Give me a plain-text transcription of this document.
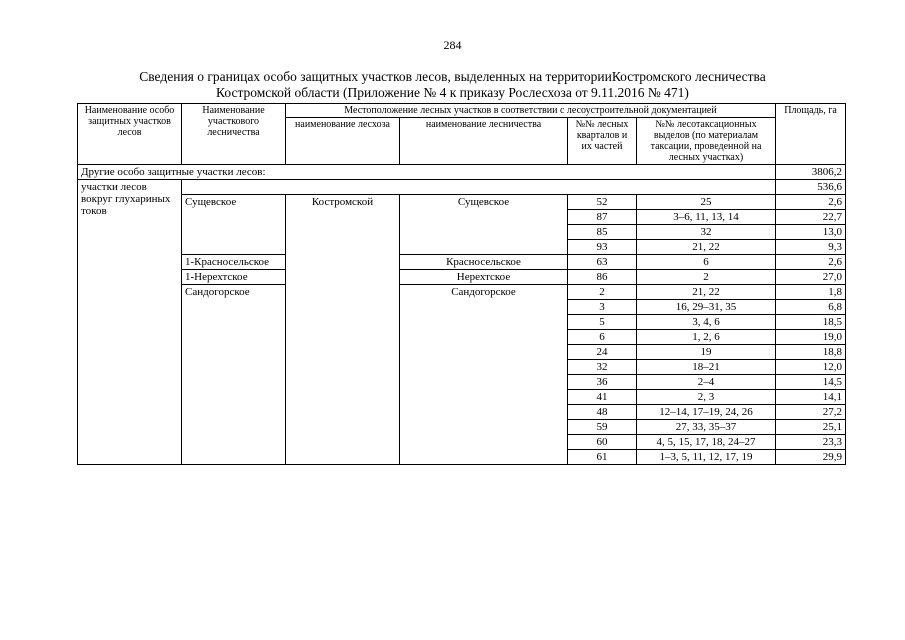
284
Сведения о границах особо защитных участков лесов, выделенных на территорииКостромского лесничества
Костромской области (Приложение № 4 к приказу Рослесхоза от 9.11.2016 № 471)
Наименование особо защитных участков лесов	Наименование участкового лесничества	Местоположение лесных участков в соответствии с лесоустроительной документацией				Площадь, га
		наименование лесхоза	наименование лесничества	№№ лесных кварталов и их частей	№№ лесотаксационных выделов (по материалам таксации, проведенной на лесных участках)	
Другие особо защитные участки лесов:						3806,2
участки лесов вокруг глухариных токов						536,6
	Сущевское	Костромской	Сущевское	52	25	2,6
				87	3–6, 11, 13, 14	22,7
				85	32	13,0
				93	21, 22	9,3
	1-Красносельское		Красносельское	63	6	2,6
	1-Нерехтское		Нерехтское	86	2	27,0
	Сандогорское		Сандогорское	2	21, 22	1,8
				3	16, 29–31, 35	6,8
				5	3, 4, 6	18,5
				6	1, 2, 6	19,0
				24	19	18,8
				32	18–21	12,0
				36	2–4	14,5
				41	2, 3	14,1
				48	12–14, 17–19, 24, 26	27,2
				59	27, 33, 35–37	25,1
				60	4, 5, 15, 17, 18, 24–27	23,3
				61	1–3, 5, 11, 12, 17, 19	29,9
